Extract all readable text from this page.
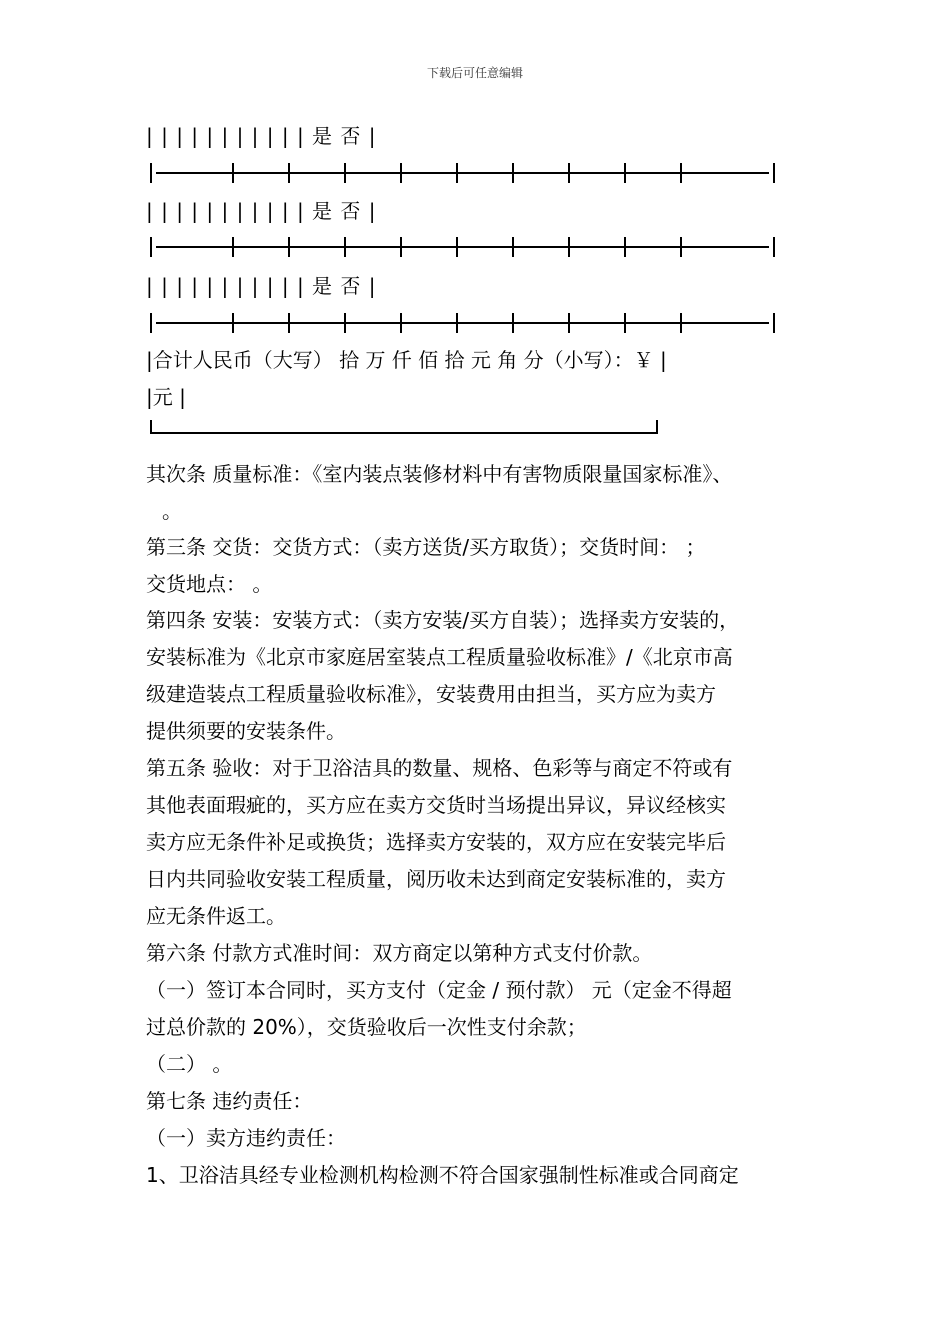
下载后可任意编辑
| | | | | | | | | | | 是 否 |
| | | | | | | | | | | 是 否 |
| | | | | | | | | | | 是 否 |
|合计人民币（大写） 拾 万 仟 佰 拾 元 角 分（小写）：￥ |
|元 |
其次条 质量标准：《室内装点装修材料中有害物质限量国家标准》、
。
第三条 交货：交货方式：（卖方送货/买方取货）；交货时间： ；
交货地点： 。
第四条 安装：安装方式：（卖方安装/买方自装）；选择卖方安装的，
安装标准为《北京市家庭居室装点工程质量验收标准》/《北京市高
级建造装点工程质量验收标准》，安装费用由担当，买方应为卖方
提供须要的安装条件。
第五条 验收：对于卫浴洁具的数量、规格、色彩等与商定不符或有
其他表面瑕疵的，买方应在卖方交货时当场提出异议，异议经核实
卖方应无条件补足或换货；选择卖方安装的，双方应在安装完毕后
日内共同验收安装工程质量，阅历收未达到商定安装标准的，卖方
应无条件返工。
第六条 付款方式准时间：双方商定以第种方式支付价款。
（一）签订本合同时，买方支付（定金 / 预付款） 元（定金不得超
过总价款的 20%），交货验收后一次性支付余款；
（二） 。
第七条 违约责任：
（一）卖方违约责任：
1、卫浴洁具经专业检测机构检测不符合国家强制性标准或合同商定
